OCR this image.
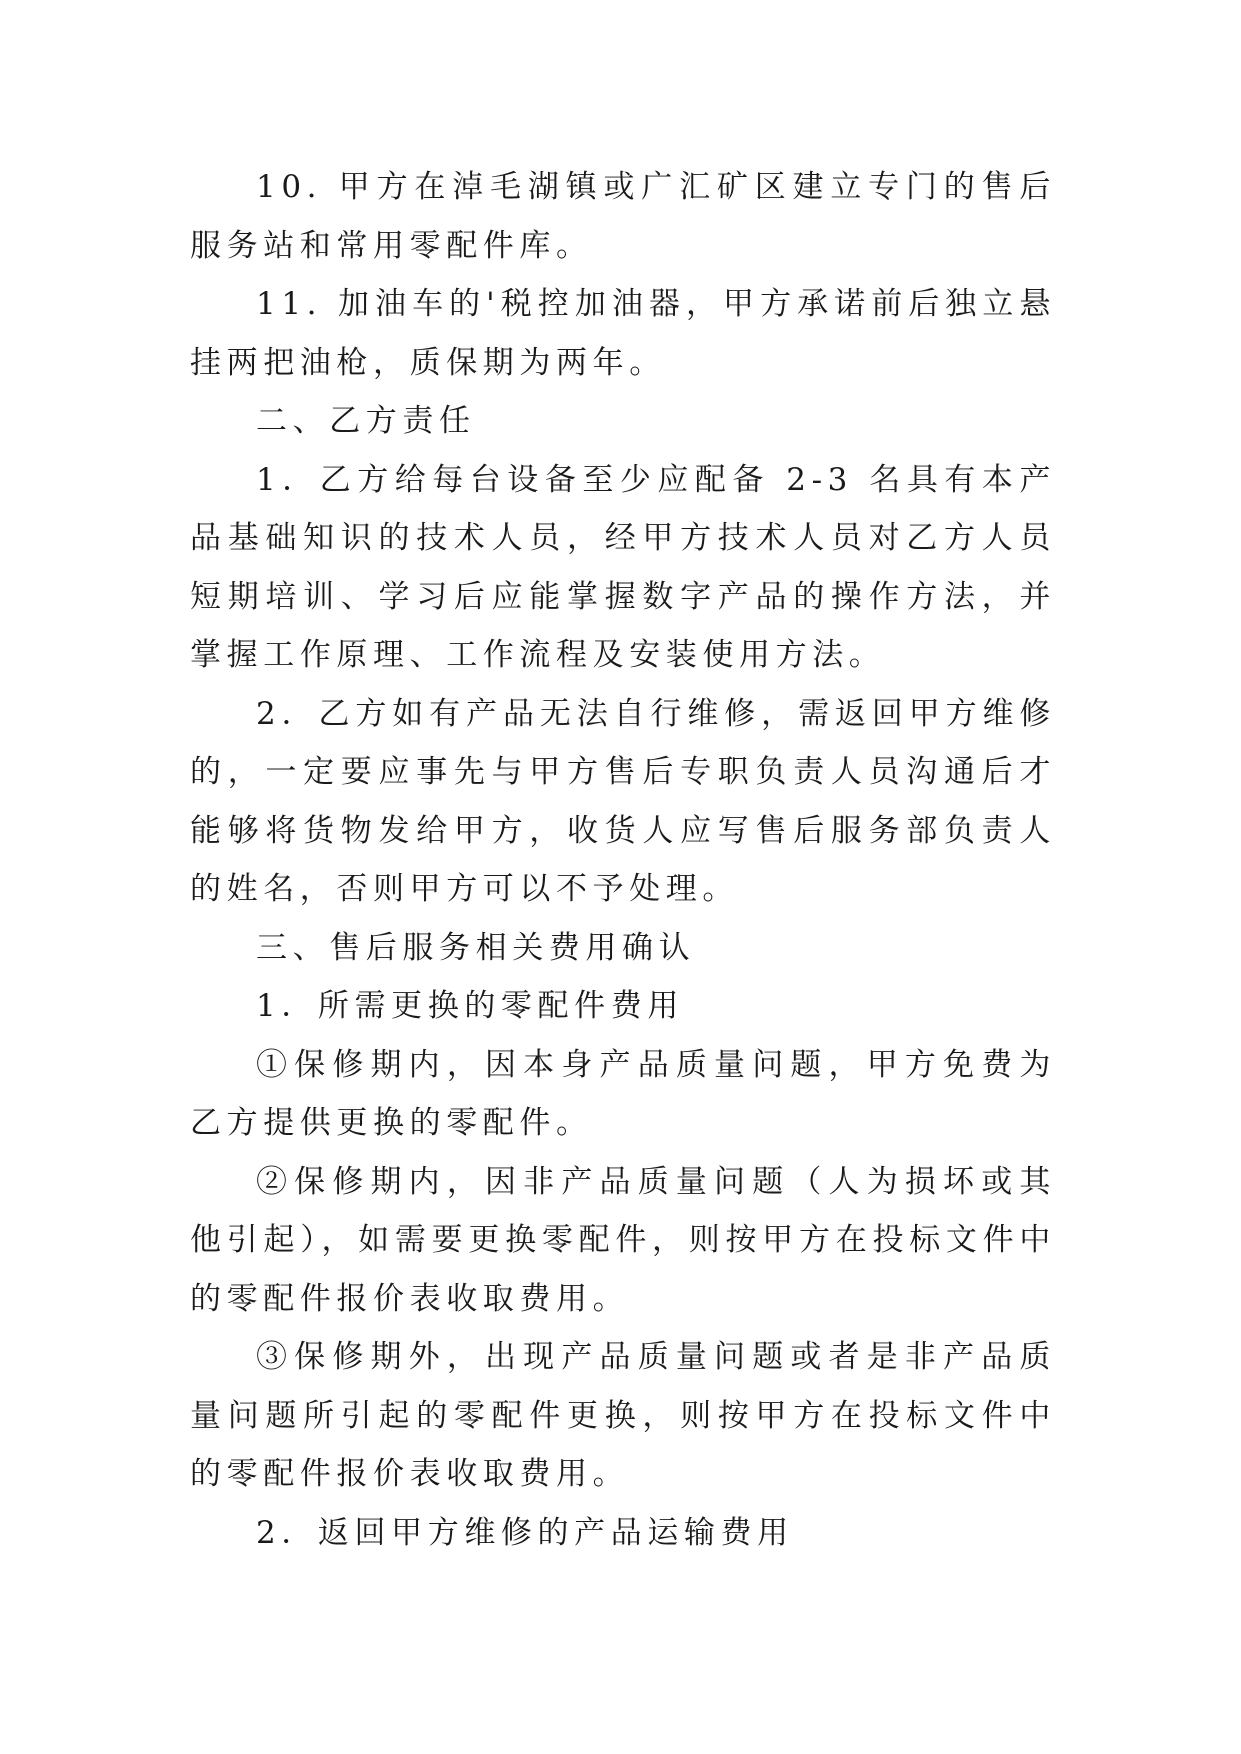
10. 甲方在淖毛湖镇或广汇矿区建立专门的售后服务站和常用零配件库。

11. 加油车的'税控加油器，甲方承诺前后独立悬挂两把油枪，质保期为两年。

二、乙方责任

1．乙方给每台设备至少应配备 2-3 名具有本产品基础知识的技术人员，经甲方技术人员对乙方人员短期培训、学习后应能掌握数字产品的操作方法，并掌握工作原理、工作流程及安装使用方法。

2．乙方如有产品无法自行维修，需返回甲方维修的，一定要应事先与甲方售后专职负责人员沟通后才能够将货物发给甲方，收货人应写售后服务部负责人的姓名，否则甲方可以不予处理。

三、售后服务相关费用确认

1．所需更换的零配件费用

①保修期内，因本身产品质量问题，甲方免费为乙方提供更换的零配件。

②保修期内，因非产品质量问题（人为损坏或其他引起），如需要更换零配件，则按甲方在投标文件中的零配件报价表收取费用。

③保修期外，出现产品质量问题或者是非产品质量问题所引起的零配件更换，则按甲方在投标文件中的零配件报价表收取费用。

2．返回甲方维修的产品运输费用
